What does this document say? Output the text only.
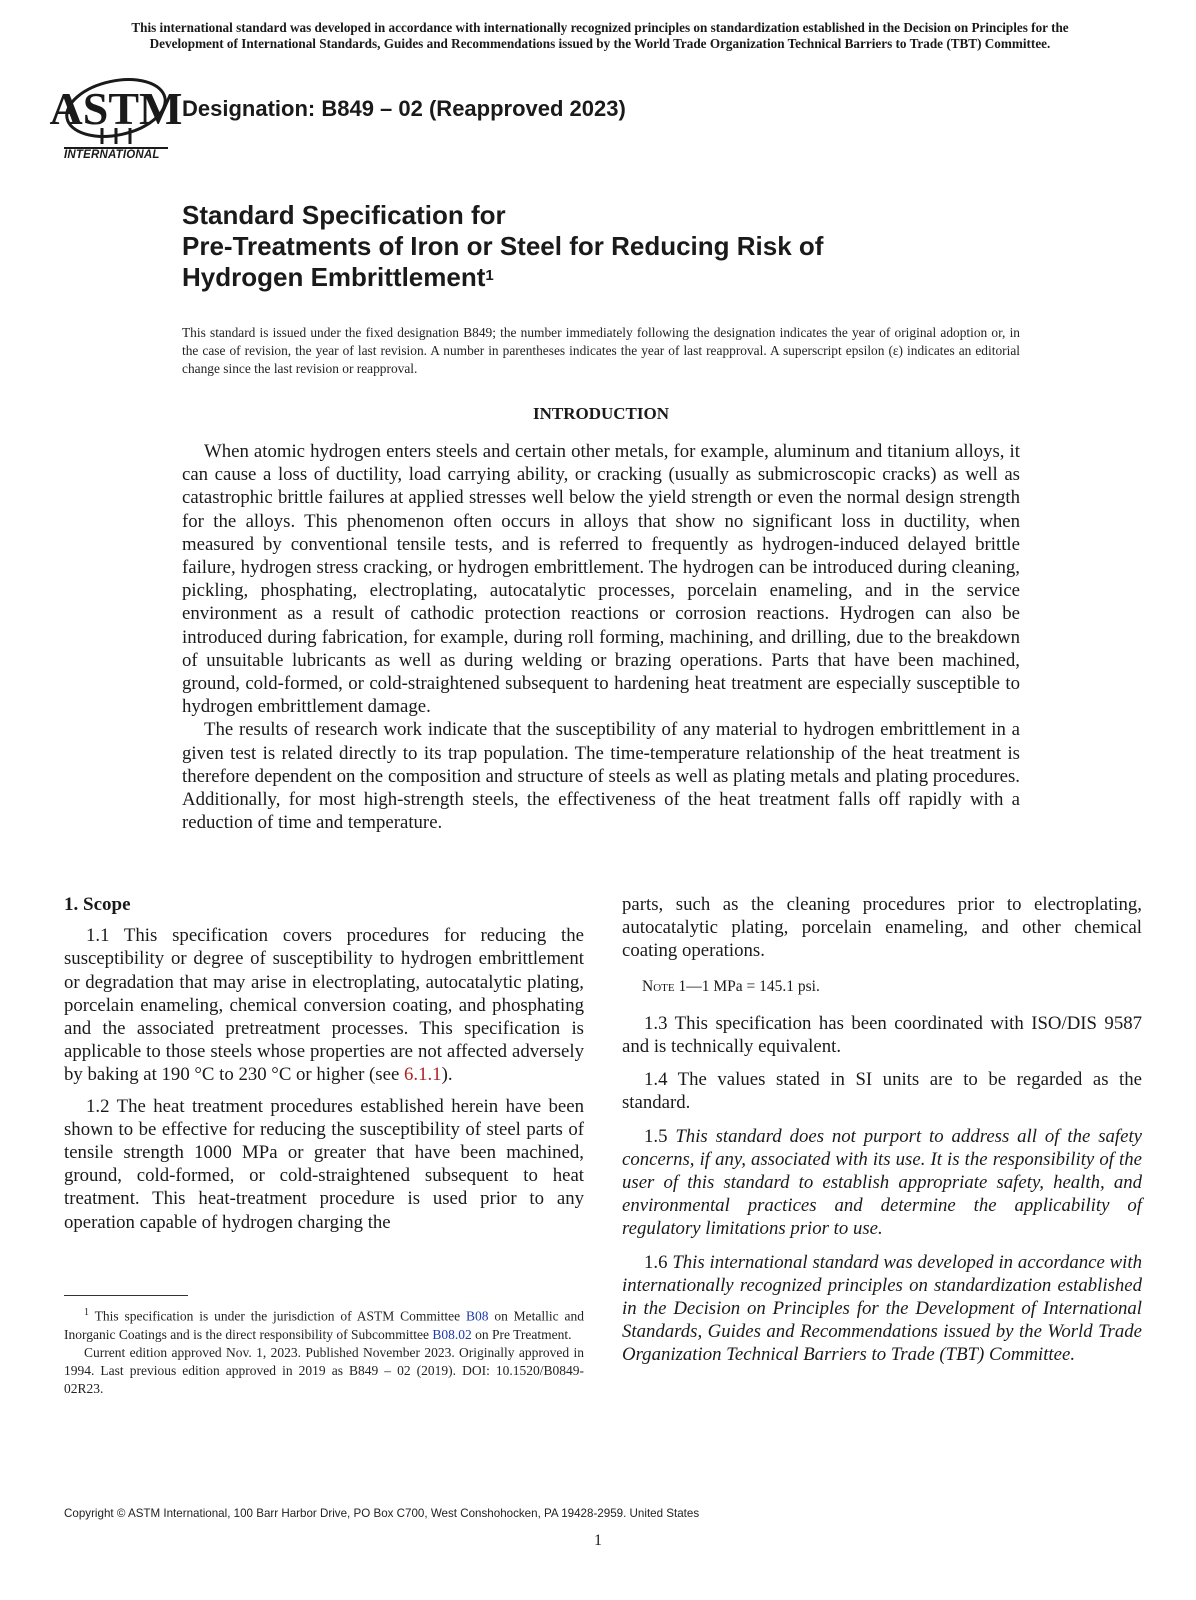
This international standard was developed in accordance with internationally recognized principles on standardization established in the Decision on Principles for the
Development of International Standards, Guides and Recommendations issued by the World Trade Organization Technical Barriers to Trade (TBT) Committee.
ASTM
INTERNATIONAL
Designation: B849 – 02 (Reapproved 2023)
Standard Specification for
Pre-Treatments of Iron or Steel for Reducing Risk of
Hydrogen Embrittlement$^1$
This standard is issued under the fixed designation B849; the number immediately following the designation indicates the year of original adoption or, in the case of revision, the year of last revision. A number in parentheses indicates the year of last reapproval. A superscript epsilon (ε) indicates an editorial change since the last revision or reapproval.
INTRODUCTION

When atomic hydrogen enters steels and certain other metals, for example, aluminum and titanium alloys, it can cause a loss of ductility, load carrying ability, or cracking (usually as submicroscopic cracks) as well as catastrophic brittle failures at applied stresses well below the yield strength or even the normal design strength for the alloys. This phenomenon often occurs in alloys that show no significant loss in ductility, when measured by conventional tensile tests, and is referred to frequently as hydrogen-induced delayed brittle failure, hydrogen stress cracking, or hydrogen embrittlement. The hydrogen can be introduced during cleaning, pickling, phosphating, electroplating, autocatalytic processes, porcelain enameling, and in the service environment as a result of cathodic protection reactions or corrosion reactions. Hydrogen can also be introduced during fabrication, for example, during roll forming, machining, and drilling, due to the breakdown of unsuitable lubricants as well as during welding or brazing operations. Parts that have been machined, ground, cold-formed, or cold-straightened subsequent to hardening heat treatment are especially susceptible to hydrogen embrittlement damage.

The results of research work indicate that the susceptibility of any material to hydrogen embrittlement in a given test is related directly to its trap population. The time-temperature relationship of the heat treatment is therefore dependent on the composition and structure of steels as well as plating metals and plating procedures. Additionally, for most high-strength steels, the effectiveness of the heat treatment falls off rapidly with a reduction of time and temperature.

1. Scope

1.1 This specification covers procedures for reducing the susceptibility or degree of susceptibility to hydrogen embrittlement or degradation that may arise in electroplating, autocatalytic plating, porcelain enameling, chemical conversion coating, and phosphating and the associated pretreatment processes. This specification is applicable to those steels whose properties are not affected adversely by baking at 190 °C to 230 °C or higher (see 6.1.1).

1.2 The heat treatment procedures established herein have been shown to be effective for reducing the susceptibility of steel parts of tensile strength 1000 MPa or greater that have been machined, ground, cold-formed, or cold-straightened subsequent to heat treatment. This heat-treatment procedure is used prior to any operation capable of hydrogen charging the

$^1$ This specification is under the jurisdiction of ASTM Committee B08 on Metallic and Inorganic Coatings and is the direct responsibility of Subcommittee B08.02 on Pre Treatment.

Current edition approved Nov. 1, 2023. Published November 2023. Originally approved in 1994. Last previous edition approved in 2019 as B849 – 02 (2019). DOI: 10.1520/B0849-02R23.

parts, such as the cleaning procedures prior to electroplating, autocatalytic plating, porcelain enameling, and other chemical coating operations.

Note 1—1 MPa = 145.1 psi.

1.3 This specification has been coordinated with ISO/DIS 9587 and is technically equivalent.

1.4 The values stated in SI units are to be regarded as the standard.

1.5 This standard does not purport to address all of the safety concerns, if any, associated with its use. It is the responsibility of the user of this standard to establish appropriate safety, health, and environmental practices and determine the applicability of regulatory limitations prior to use.

1.6 This international standard was developed in accordance with internationally recognized principles on standardization established in the Decision on Principles for the Development of International Standards, Guides and Recommendations issued by the World Trade Organization Technical Barriers to Trade (TBT) Committee.

Copyright © ASTM International, 100 Barr Harbor Drive, PO Box C700, West Conshohocken, PA 19428-2959. United States
1
